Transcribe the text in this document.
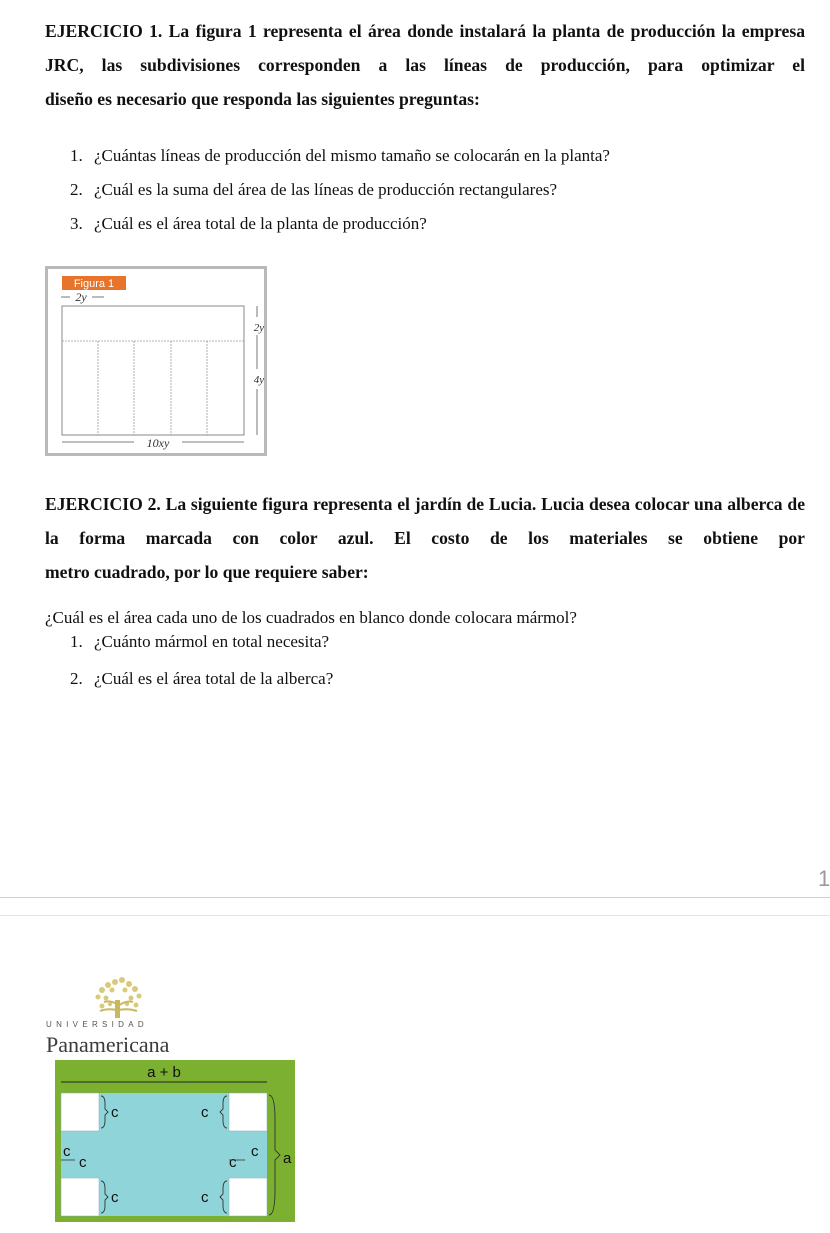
EJERCICIO 1. La figura 1 representa el área donde instalará la planta de producción la empresa JRC, las subdivisiones corresponden a las líneas de producción, para optimizar el
diseño es necesario que responda las siguientes preguntas:
1. ¿Cuántas líneas de producción del mismo tamaño se colocarán en la planta?
2. ¿Cuál es la suma del área de las líneas de producción rectangulares?
3. ¿Cuál es el área total de la planta de producción?
Figura 1
2y
2y
4y
10xy
EJERCICIO 2. La siguiente figura representa el jardín de Lucia. Lucia desea colocar una alberca de la forma marcada con color azul. El costo de los materiales se obtiene por
metro cuadrado, por lo que requiere saber:
¿Cuál es el área cada uno de los cuadrados en blanco donde colocara mármol?
1. ¿Cuánto mármol en total necesita?
2. ¿Cuál es el área total de la alberca?
1
UNIVERSIDAD
Panamericana
a + b
c	c
c
c	c
c
c	c
a
